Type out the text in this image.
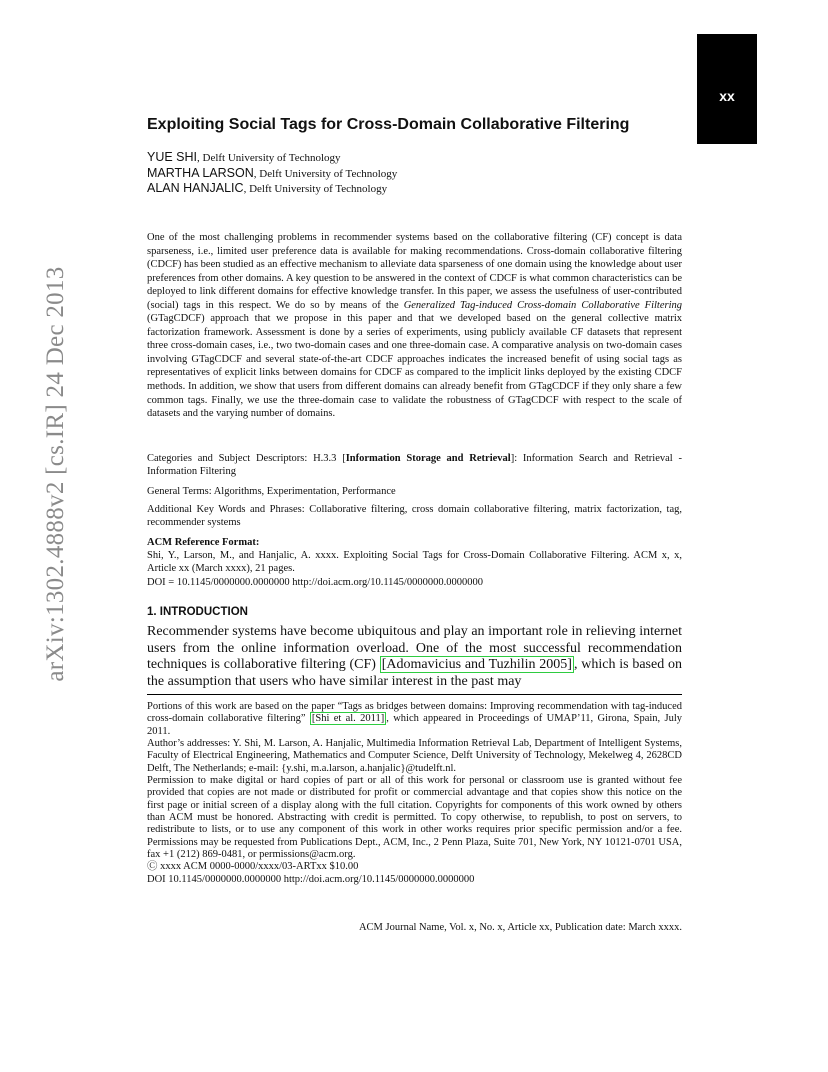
xx
arXiv:1302.4888v2 [cs.IR] 24 Dec 2013
Exploiting Social Tags for Cross-Domain Collaborative Filtering
YUE SHI, Delft University of Technology
MARTHA LARSON, Delft University of Technology
ALAN HANJALIC, Delft University of Technology

One of the most challenging problems in recommender systems based on the collaborative filtering (CF) concept is data sparseness, i.e., limited user preference data is available for making recommendations. Cross-domain collaborative filtering (CDCF) has been studied as an effective mechanism to alleviate data sparseness of one domain using the knowledge about user preferences from other domains. A key question to be answered in the context of CDCF is what common characteristics can be deployed to link different domains for effective knowledge transfer. In this paper, we assess the usefulness of user-contributed (social) tags in this respect. We do so by means of the Generalized Tag-induced Cross-domain Collaborative Filtering (GTagCDCF) approach that we propose in this paper and that we developed based on the general collective matrix factorization framework. Assessment is done by a series of experiments, using publicly available CF datasets that represent three cross-domain cases, i.e., two two-domain cases and one three-domain case. A comparative analysis on two-domain cases involving GTagCDCF and several state-of-the-art CDCF approaches indicates the increased benefit of using social tags as representatives of explicit links between domains for CDCF as compared to the implicit links deployed by the existing CDCF methods. In addition, we show that users from different domains can already benefit from GTagCDCF if they only share a few common tags. Finally, we use the three-domain case to validate the robustness of GTagCDCF with respect to the scale of datasets and the varying number of domains.

Categories and Subject Descriptors: H.3.3 [Information Storage and Retrieval]: Information Search and Retrieval - Information Filtering

General Terms: Algorithms, Experimentation, Performance

Additional Key Words and Phrases: Collaborative filtering, cross domain collaborative filtering, matrix factorization, tag, recommender systems

ACM Reference Format:

Shi, Y., Larson, M., and Hanjalic, A. xxxx. Exploiting Social Tags for Cross-Domain Collaborative Filtering. ACM x, x, Article xx (March xxxx), 21 pages.
DOI = 10.1145/0000000.0000000 http://doi.acm.org/10.1145/0000000.0000000
1. INTRODUCTION

Recommender systems have become ubiquitous and play an important role in relieving internet users from the online information overload. One of the most successful recommendation techniques is collaborative filtering (CF) [Adomavicius and Tuzhilin 2005] , which is based on the assumption that users who have similar interest in the past may

Portions of this work are based on the paper “Tags as bridges between domains: Improving recommendation with tag-induced cross-domain collaborative filtering” [Shi et al. 2011] , which appeared in Proceedings of UMAP’11, Girona, Spain, July 2011.

Author’s addresses: Y. Shi, M. Larson, A. Hanjalic, Multimedia Information Retrieval Lab, Department of Intelligent Systems, Faculty of Electrical Engineering, Mathematics and Computer Science, Delft University of Technology, Mekelweg 4, 2628CD Delft, The Netherlands; e-mail: {y.shi, m.a.larson, a.hanjalic}@tudelft.nl.

Permission to make digital or hard copies of part or all of this work for personal or classroom use is granted without fee provided that copies are not made or distributed for profit or commercial advantage and that copies show this notice on the first page or initial screen of a display along with the full citation. Copyrights for components of this work owned by others than ACM must be honored. Abstracting with credit is permitted. To copy otherwise, to republish, to post on servers, to redistribute to lists, or to use any component of this work in other works requires prior specific permission and/or a fee. Permissions may be requested from Publications Dept., ACM, Inc., 2 Penn Plaza, Suite 701, New York, NY 10121-0701 USA, fax +1 (212) 869-0481, or permissions@acm.org.

Ⓒ xxxx ACM 0000-0000/xxxx/03-ARTxx $10.00

DOI 10.1145/0000000.0000000 http://doi.acm.org/10.1145/0000000.0000000

ACM Journal Name, Vol. x, No. x, Article xx, Publication date: March xxxx.
